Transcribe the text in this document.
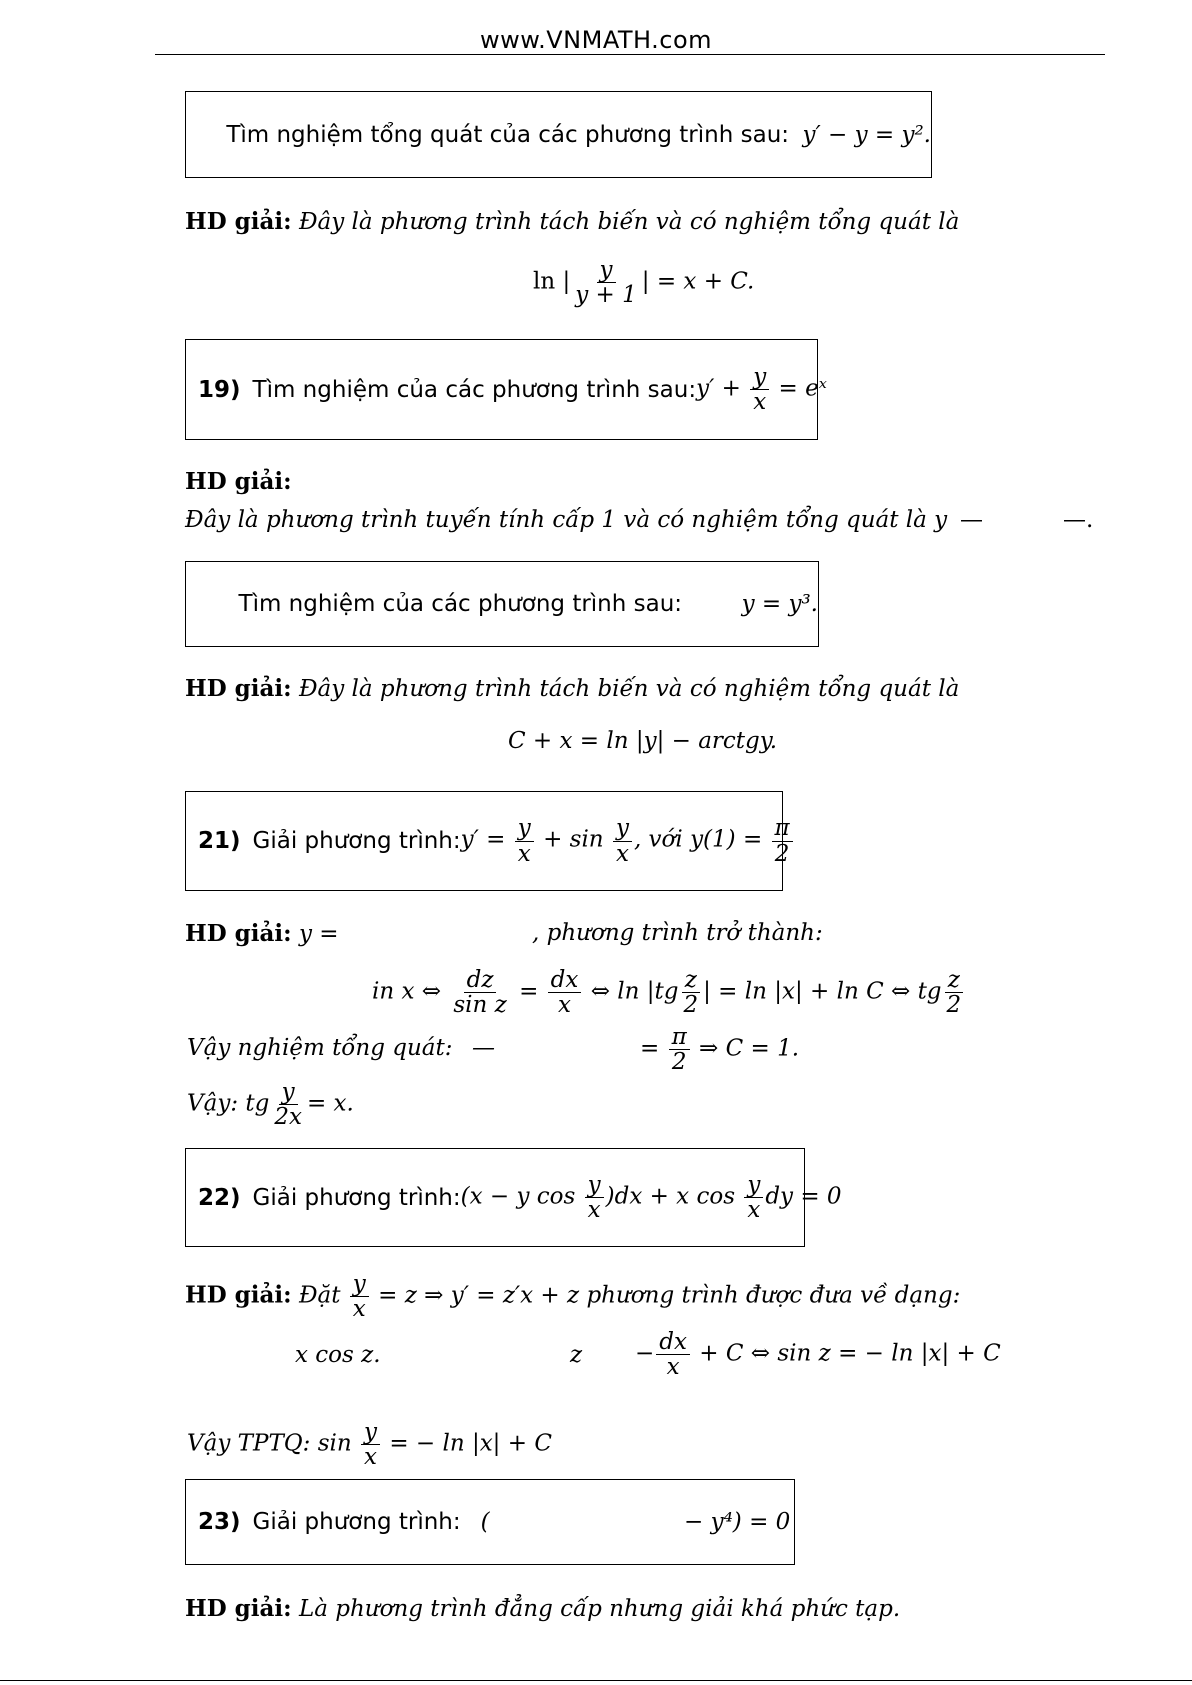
www.VNMATH.com
Tìm nghiệm tổng quát của các phương trình sau: y′ − y = y².
HD giải: Đây là phương trình tách biến và có nghiệm tổng quát là
ln | $\frac{y}{y + 1}$ | = x + C.
19) Tìm nghiệm của các phương trình sau: $y' + \frac{y}{x}$ = eˣ
HD giải:
Đây là phương trình tuyến tính cấp 1 và có nghiệm tổng quát là y —	—.
Tìm nghiệm của các phương trình sau:	y = y³.
HD giải: Đây là phương trình tách biến và có nghiệm tổng quát là
C + x = ln |y| − arctgy.
21) Giải phương trình: $y' = \frac{y}{x} + \sin \frac{y}{x}$ , với $y(1) = \frac{\pi}{2}$
HD giải: y =	, phương trình trở thành:
in x ⇔ $\frac{dz}{\text{sin z}} = \frac{dx}{x}$ ⇔ $\ln |tg \frac{z}{2}$ | = ln |x| + ln C ⇔ tg $\frac{z}{2}$
Vậy nghiệm tổng quát: —	= $\frac{\pi}{2}$ ⇒ C = 1.
Vậy: tg $\frac{y}{2x} = x$.
22) Giải phương trình: (x − y $\cos \frac{y}{x} )dx + x$ $\cos \frac{y}{x}$ dy = 0
HD giải: Đặt $\frac{y}{x} = z$ ⇒ y′ = z′x + z phương trình được đưa về dạng:
x cos z.	$z - \frac{dx}{x} + C$ ⇔ sin z = − ln |x| + C
Vậy TPTQ: $\sin \frac{y}{x}$ = − ln |x| + C
23) Giải phương trình: (	− y⁴) = 0
HD giải: Là phương trình đẳng cấp nhưng giải khá phức tạp.
